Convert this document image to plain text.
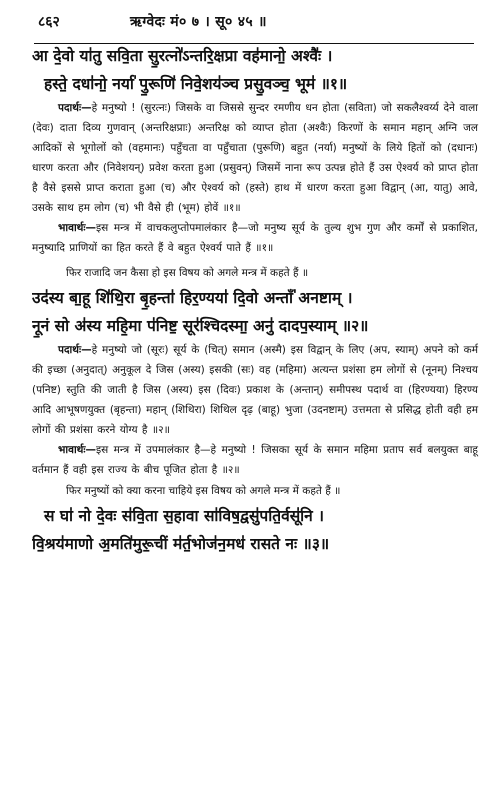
८६२	ऋग्वेदः मं० ७ । सू० ४५ ॥
आ दे॒वो या॑तु सवि॒ता सु॒रत्नो॑ऽन्तरि॒क्षप्रा वह॑मानो॒ अश्वैः॑ ।
हस्ते॒ दधा॑नो॒ नर्या॑ पु॒रूणि॑ निवे॒शय॑ञ्च प्रसु॒वञ्च॒ भूम॑ ॥१॥

पदार्थः—हे मनुष्यो ! (सुरत्नः) जिसके वा जिससे सुन्दर रमणीय धन होता (सविता) जो सकलैश्वर्य्य देने वाला (देवः) दाता दिव्य गुणवान् (अन्तरिक्षप्राः) अन्तरिक्ष को व्याप्त होता (अश्वैः) किरणों के समान महान् अग्नि जल आदिकों से भूगोलों को (वहमानः) पहुँचता वा पहुँचाता (पुरूणि) बहुत (नर्या) मनुष्यों के लिये हितों को (दधानः) धारण करता और (निवेशयन्) प्रवेश करता हुआ (प्रसुवन्) जिसमें नाना रूप उत्पन्न होते हैं उस ऐश्वर्य को प्राप्त होता है वैसे इससे प्राप्त कराता हुआ (च) और ऐश्वर्य को (हस्ते) हाथ में धारण करता हुआ विद्वान् (आ, यातु) आवे, उसके साथ हम लोग (च) भी वैसे ही (भूम) होवें ॥१॥

भावार्थः—इस मन्त्र में वाचकलुप्तोपमालंकार है—जो मनुष्य सूर्य के तुल्य शुभ गुण और कर्मों से प्रकाशित, मनुष्यादि प्राणियों का हित करते हैं वे बहुत ऐश्वर्य पाते हैं ॥१॥

फिर राजादि जन कैसा हो इस विषय को अगले मन्त्र में कहते हैं ॥
उद॑स्य बा॒हू शि॑थि॒रा बृ॒हन्ता॑ हिर॒ण्यया॑ दि॒वो अन्ताँ॑ अनष्टाम् ।
नू॒नं सो अ॑स्य महि॒मा प॑निष्ट॒ सूर॑श्चिदस्मा॒ अनु॑ दादप॒स्याम् ॥२॥

पदार्थः—हे मनुष्यो जो (सूरः) सूर्य के (चित्) समान (अस्मै) इस विद्वान् के लिए (अप, स्याम्) अपने को कर्म की इच्छा (अनुदात्) अनुकूल दे जिस (अस्य) इसकी (सः) वह (महिमा) अत्यन्त प्रशंसा हम लोगों से (नूनम्) निश्चय (पनिष्ट) स्तुति की जाती है जिस (अस्य) इस (दिवः) प्रकाश के (अन्तान्) समीपस्थ पदार्थ वा (हिरण्यया) हिरण्य आदि आभूषणयुक्त (बृहन्ता) महान् (शिथिरा) शिथिल दृढ़ (बाहू) भुजा (उदनष्टाम्) उत्तमता से प्रसिद्ध होती वही हम लोगों की प्रशंसा करने योग्य है ॥२॥

भावार्थः—इस मन्त्र में उपमालंकार है—हे मनुष्यो ! जिसका सूर्य के समान महिमा प्रताप सर्व बलयुक्त बाहू वर्तमान हैं वही इस राज्य के बीच पूजित होता है ॥२॥

फिर मनुष्यों को क्या करना चाहिये इस विषय को अगले मन्त्र में कहते हैं ॥
स घा॑ नो दे॒वः स॑वि॒ता स॒हावा सा॑विष॒द्वसु॑पति॒र्वसू॑नि ।
वि॒श्रय॑माणो अ॒मति॑मुरू॒चीं म॑र्त॒भोज॑न॒मध॑ रासते नः ॥३॥
